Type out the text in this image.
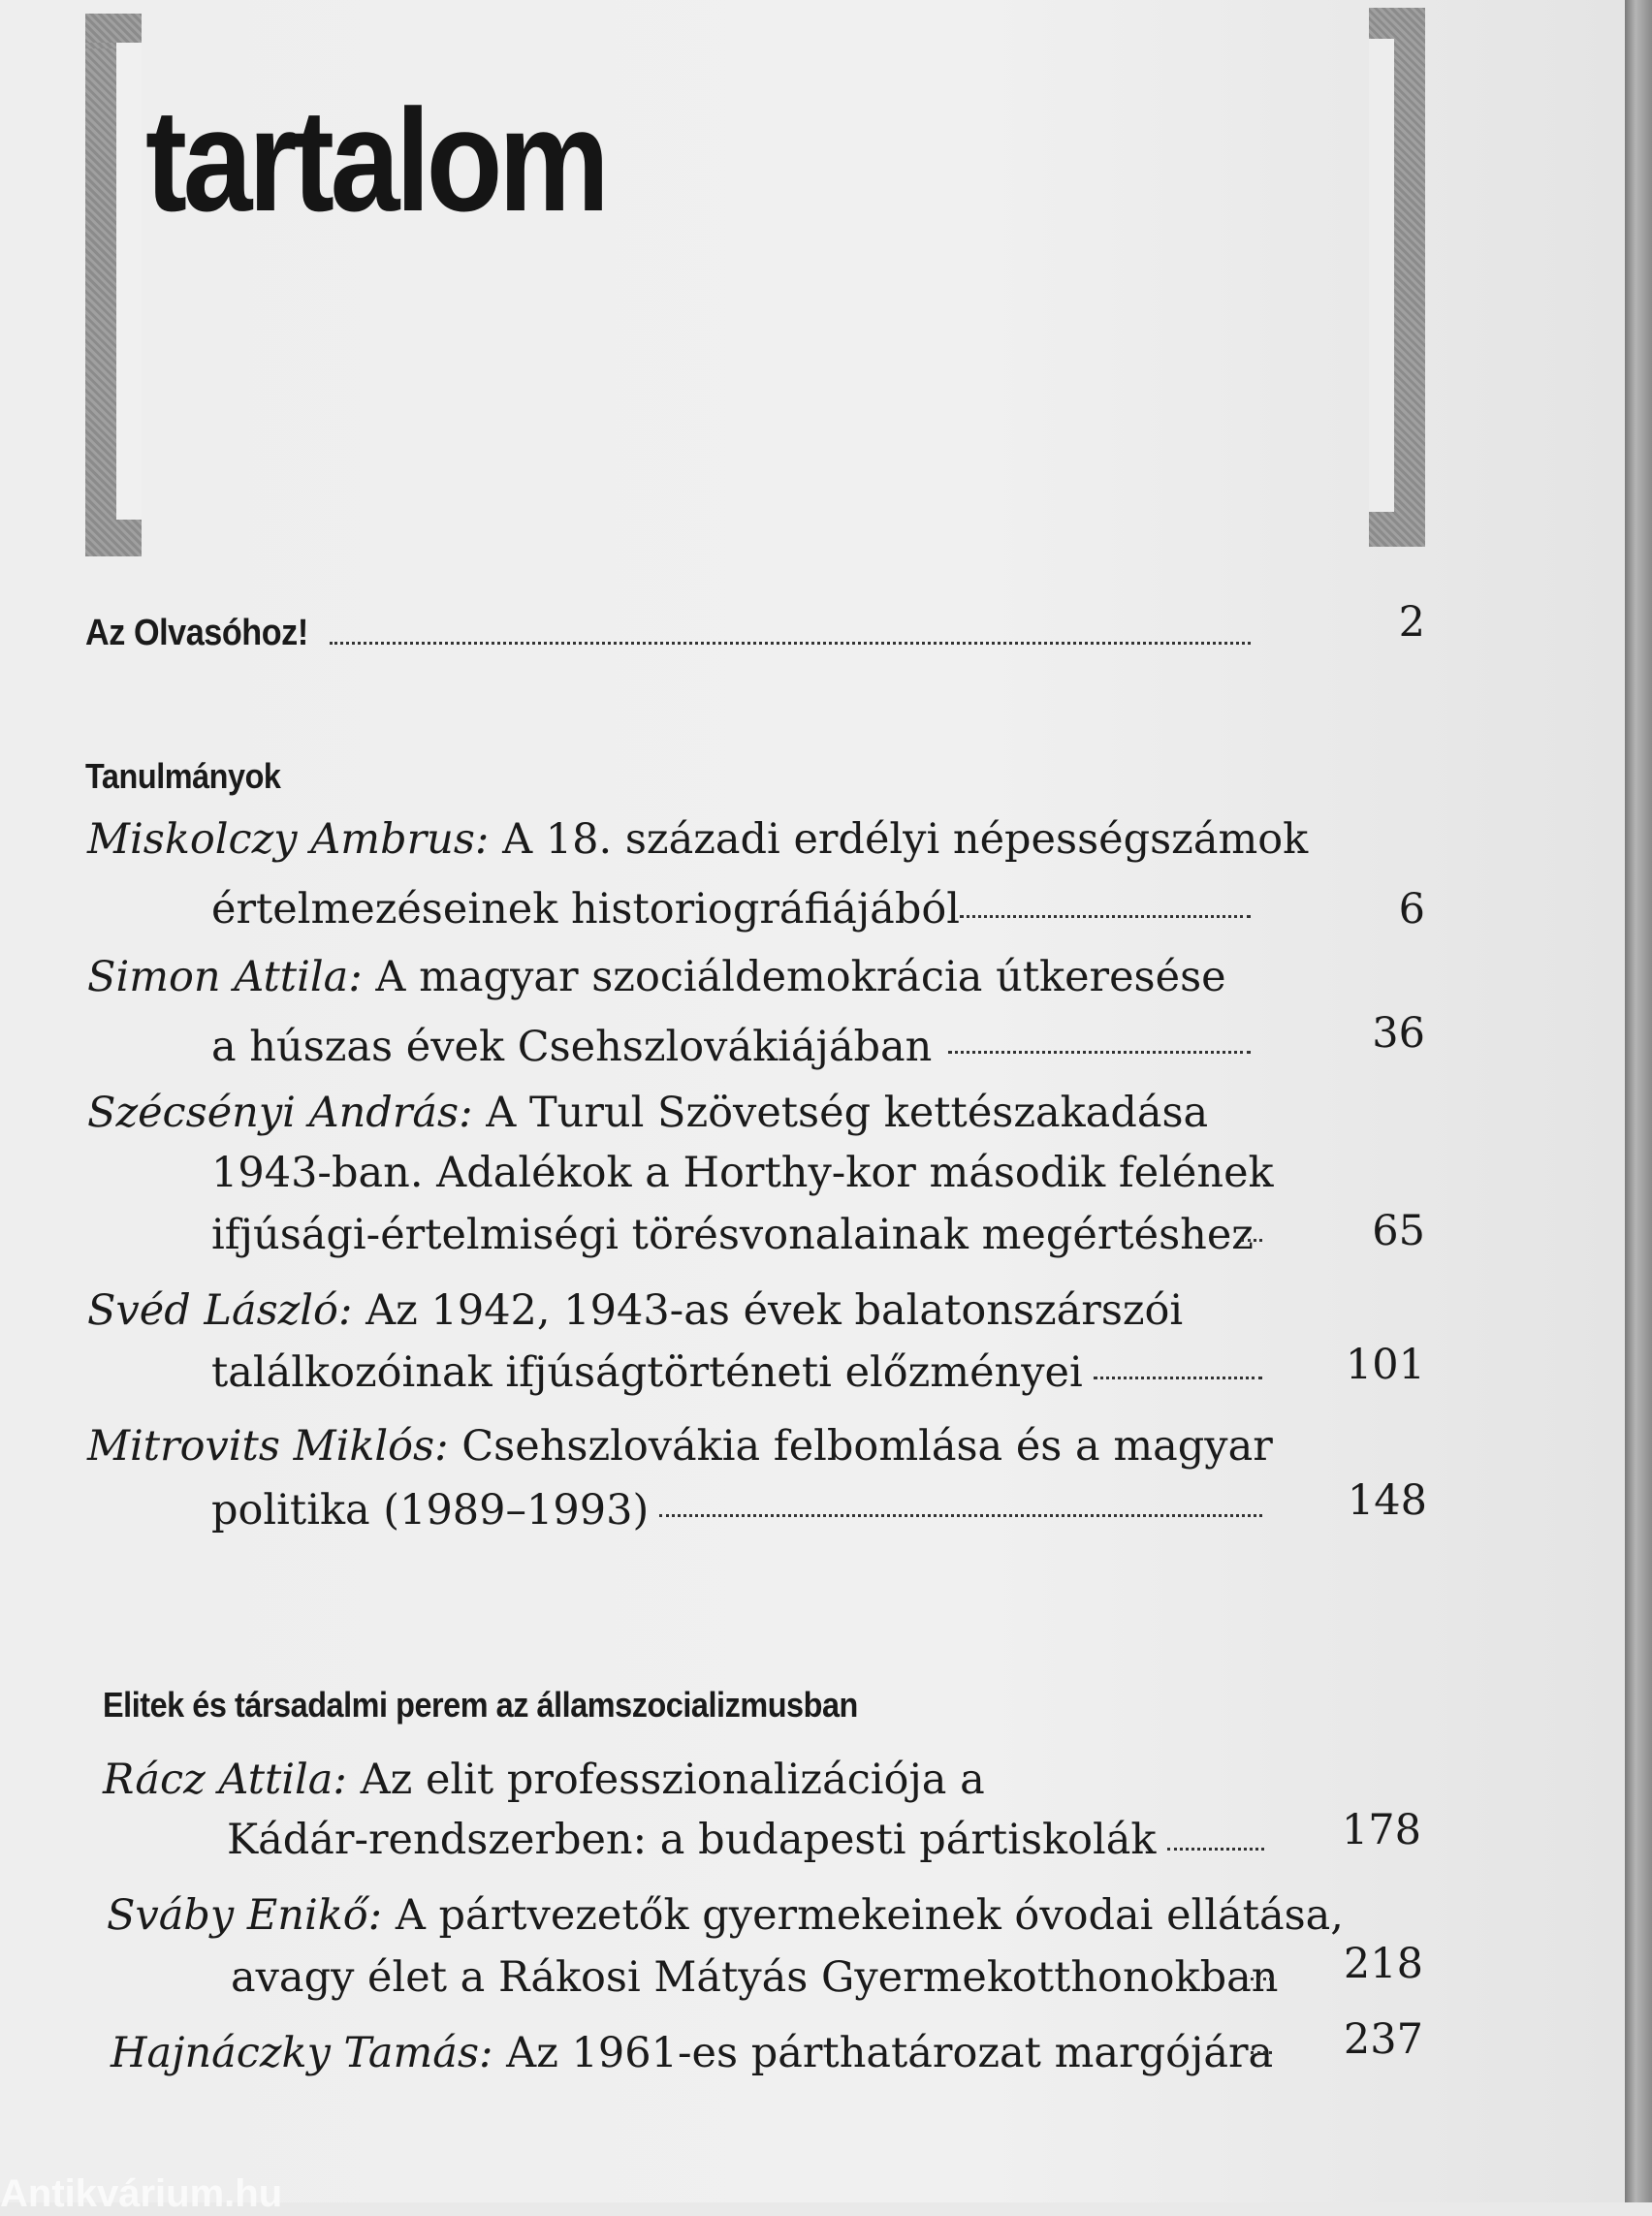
tartalom
Az Olvasóhoz!	2
Tanulmányok
Miskolczy Ambrus: A 18. századi erdélyi népességszámok
értelmezéseinek historiográfiájából	6
Simon Attila: A magyar szociáldemokrácia útkeresése
a húszas évek Csehszlovákiájában	36
Szécsényi András: A Turul Szövetség kettészakadása
1943-ban. Adalékok a Horthy-kor második felének
ifjúsági-értelmiségi törésvonalainak megértéshez	65
Svéd László: Az 1942, 1943-as évek balatonszárszói
találkozóinak ifjúságtörténeti előzményei	101
Mitrovits Miklós: Csehszlovákia felbomlása és a magyar
politika (1989–1993)	148
Elitek és társadalmi perem az államszocializmusban
Rácz Attila: Az elit professzionalizációja a
Kádár-rendszerben: a budapesti pártiskolák	178
Sváby Enikő: A pártvezetők gyermekeinek óvodai ellátása,
avagy élet a Rákosi Mátyás Gyermekotthonokban	218
Hajnáczky Tamás: Az 1961-es párthatározat margójára	237
Antikvárium.hu
